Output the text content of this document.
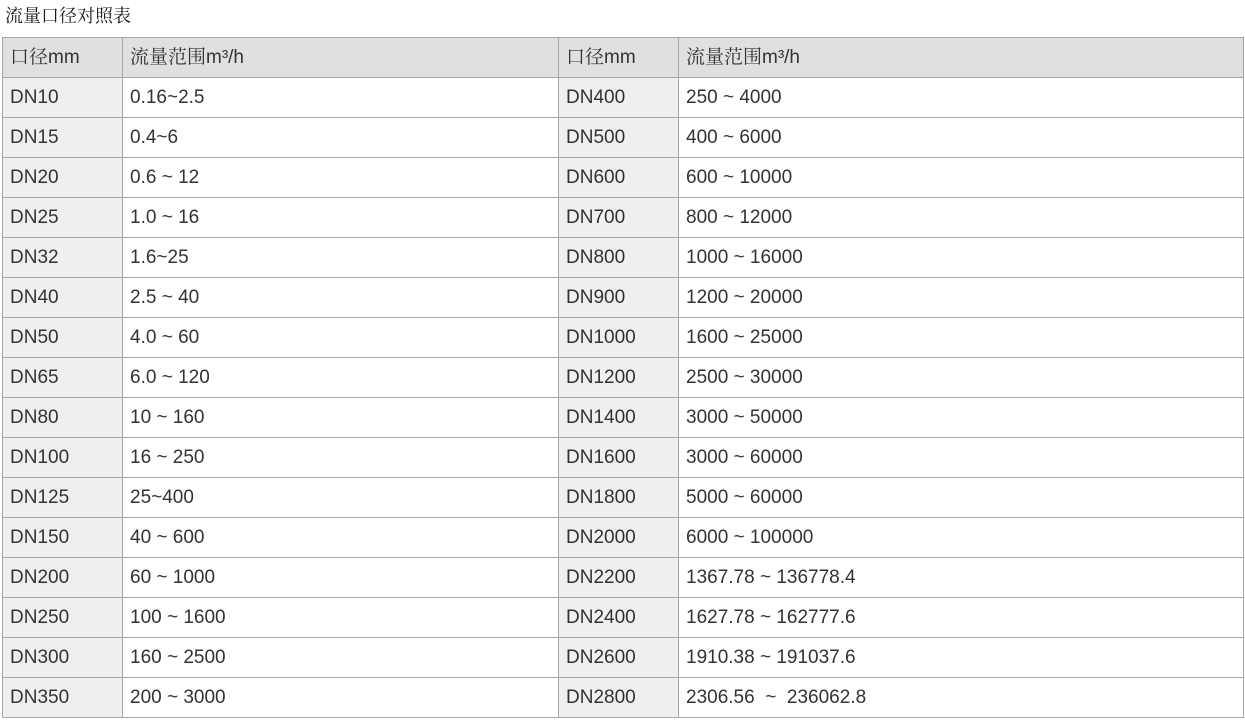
流量口径对照表
口径mm	流量范围m³/h	口径mm	流量范围m³/h
DN10	0.16~2.5	DN400	250 ~ 4000
DN15	0.4~6	DN500	400 ~ 6000
DN20	0.6 ~ 12	DN600	600 ~ 10000
DN25	1.0 ~ 16	DN700	800 ~ 12000
DN32	1.6~25	DN800	1000 ~ 16000
DN40	2.5 ~ 40	DN900	1200 ~ 20000
DN50	4.0 ~ 60	DN1000	1600 ~ 25000
DN65	6.0 ~ 120	DN1200	2500 ~ 30000
DN80	10 ~ 160	DN1400	3000 ~ 50000
DN100	16 ~ 250	DN1600	3000 ~ 60000
DN125	25~400	DN1800	5000 ~ 60000
DN150	40 ~ 600	DN2000	6000 ~ 100000
DN200	60 ~ 1000	DN2200	1367.78 ~ 136778.4
DN250	100 ~ 1600	DN2400	1627.78 ~ 162777.6
DN300	160 ~ 2500	DN2600	1910.38 ~ 191037.6
DN350	200 ~ 3000	DN2800	2306.56  ~  236062.8
